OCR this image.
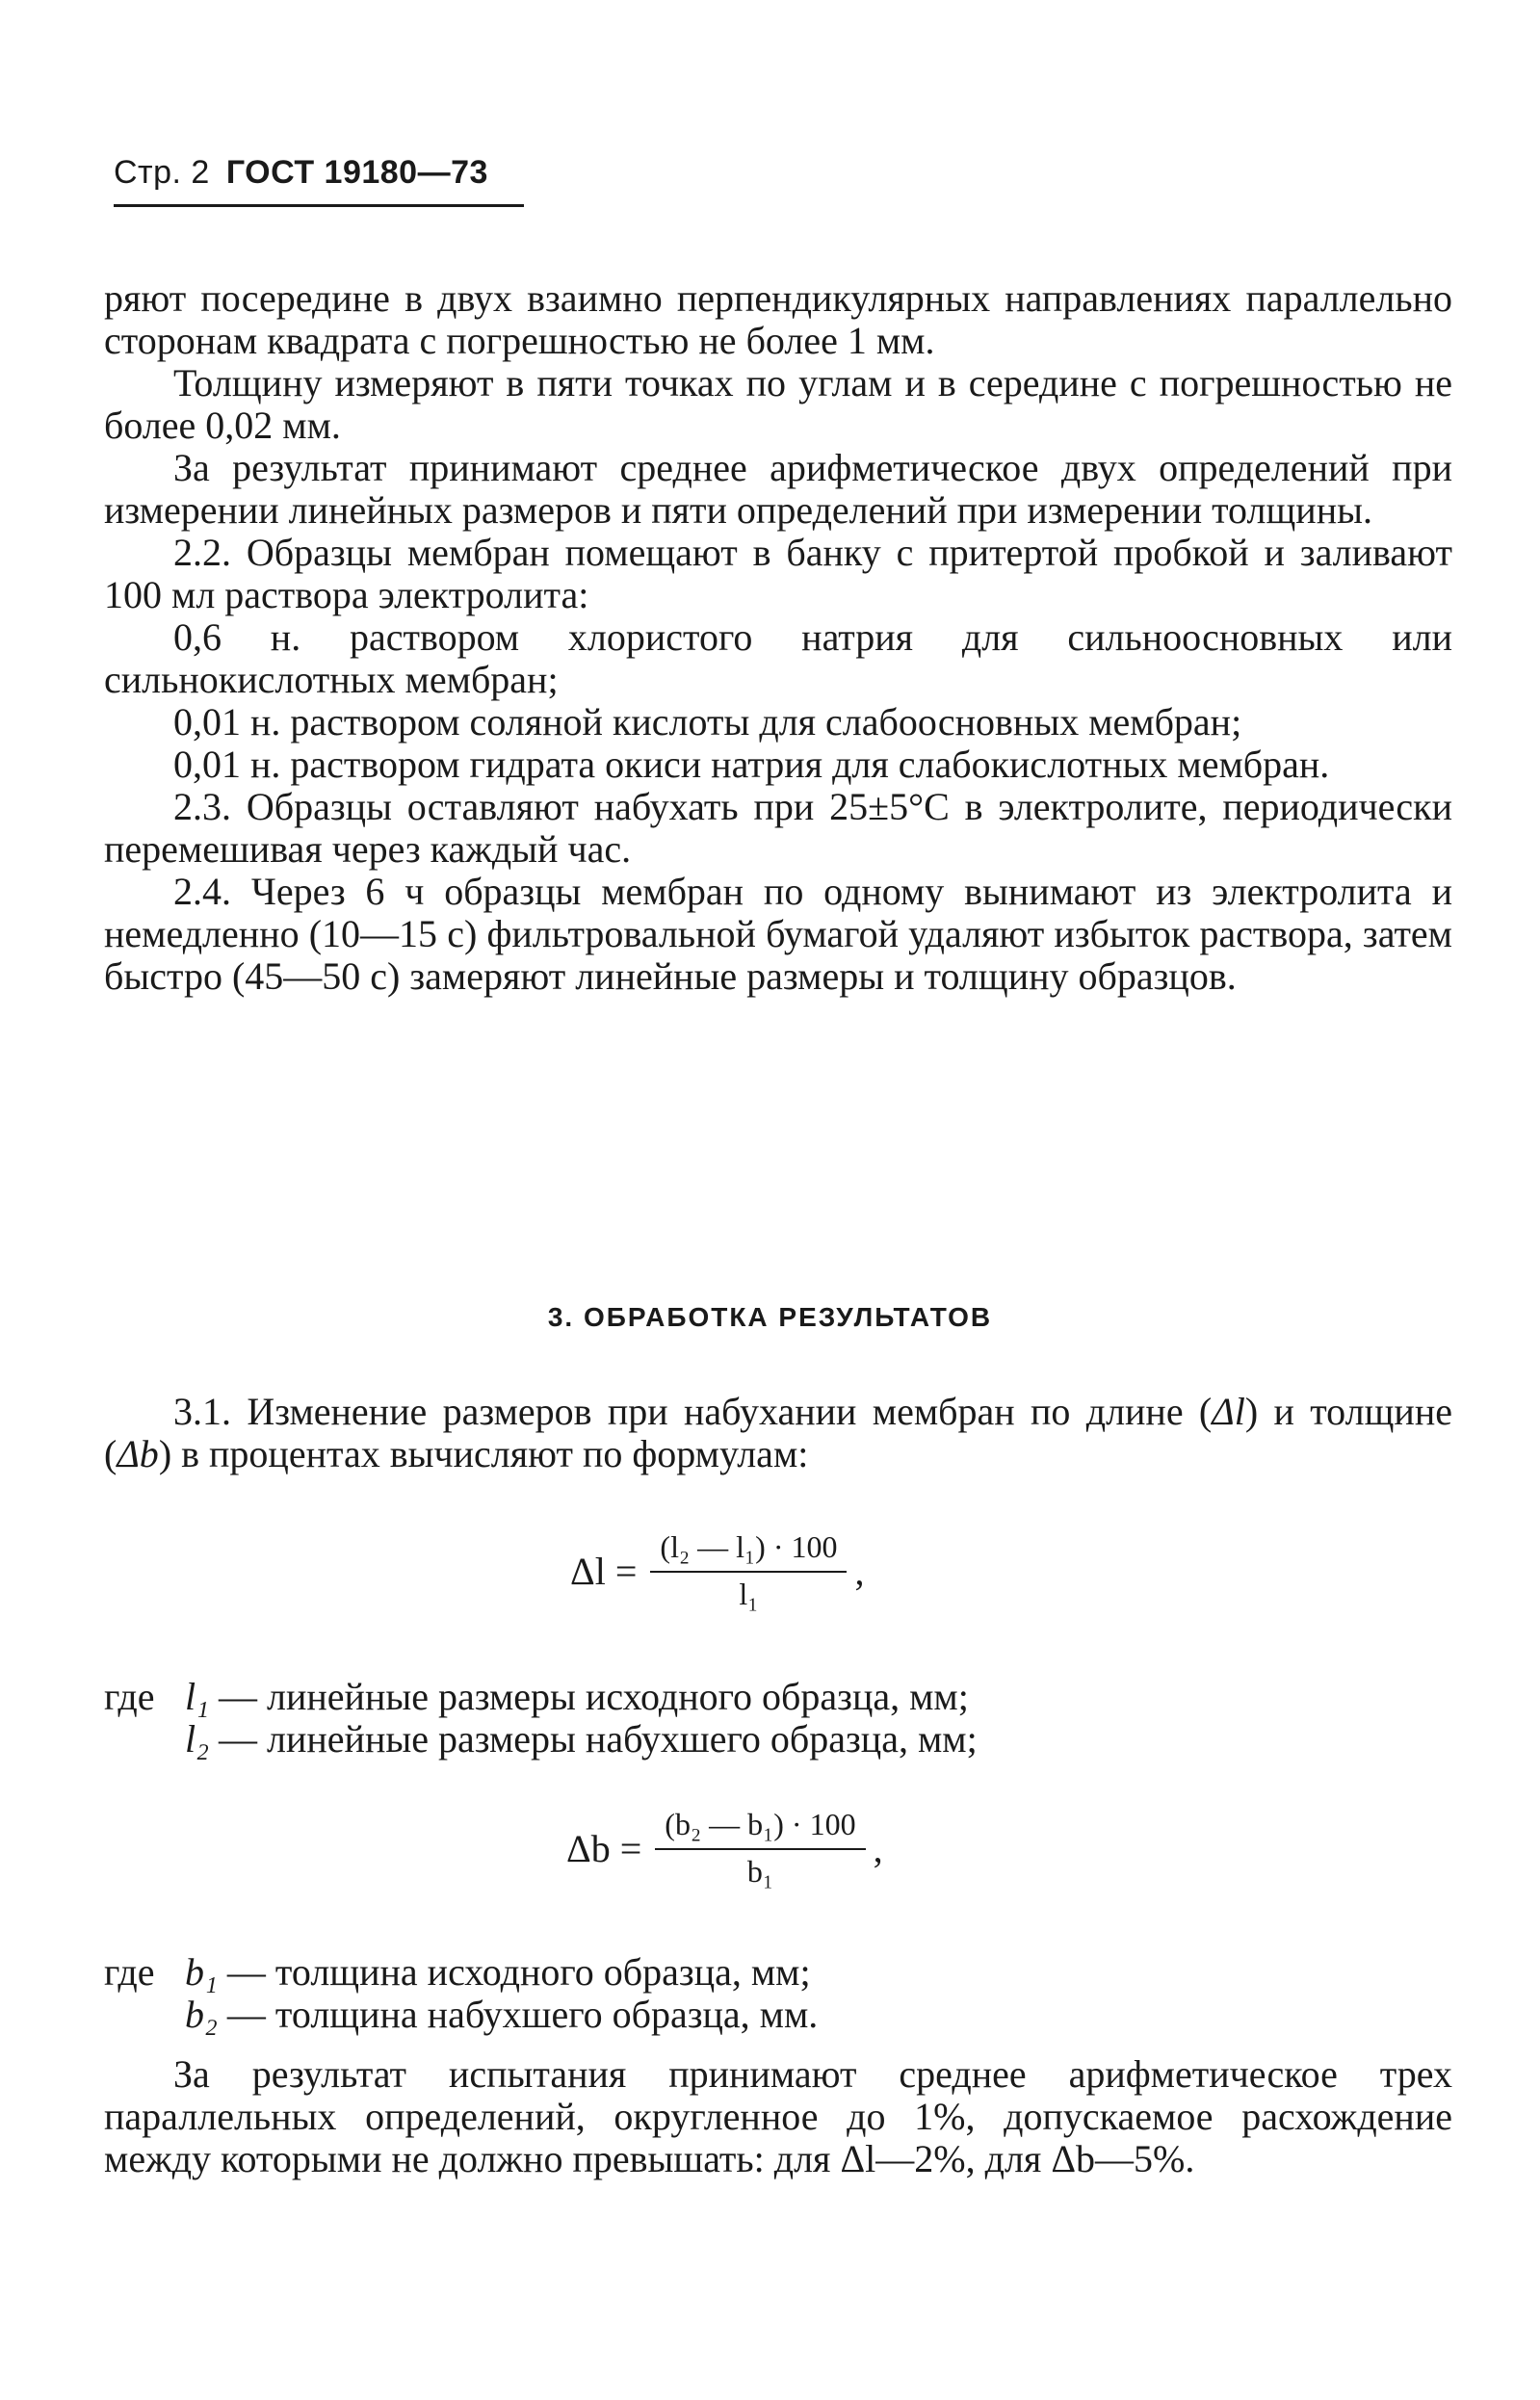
Стр. 2 ГОСТ 19180—73

ряют посередине в двух взаимно перпендикулярных направлениях параллельно сторонам квадрата с погрешностью не более 1 мм.

Толщину измеряют в пяти точках по углам и в середине с погрешностью не более 0,02 мм.

За результат принимают среднее арифметическое двух определений при измерении линейных размеров и пяти определений при измерении толщины.

2.2. Образцы мембран помещают в банку с притертой пробкой и заливают 100 мл раствора электролита:

0,6 н. раствором хлористого натрия для сильноосновных или сильнокислотных мембран;

0,01 н. раствором соляной кислоты для слабоосновных мембран;

0,01 н. раствором гидрата окиси натрия для слабокислотных мембран.

2.3. Образцы оставляют набухать при 25±5°С в электролите, периодически перемешивая через каждый час.

2.4. Через 6 ч образцы мембран по одному вынимают из электролита и немедленно (10—15 с) фильтровальной бумагой удаляют избыток раствора, затем быстро (45—50 с) замеряют линейные размеры и толщину образцов.

3. ОБРАБОТКА РЕЗУЛЬТАТОВ

3.1. Изменение размеров при набухании мембран по длине (Δl) и толщине (Δb) в процентах вычисляют по формулам:

$\Delta l = \frac{\text{(l₂ — l₁) · 100}}{\text{l₁}}$ ,
где l₁ — линейные размеры исходного образца, мм;
l₂ — линейные размеры набухшего образца, мм;
$\Delta b = \frac{\text{(b₂ — b₁) · 100}}{\text{b₁}}$ ,
где b₁ — толщина исходного образца, мм;
b₂ — толщина набухшего образца, мм.

За результат испытания принимают среднее арифметическое трех параллельных определений, округленное до 1%, допускаемое расхождение между которыми не должно превышать: для Δl—2%, для Δb—5%.
